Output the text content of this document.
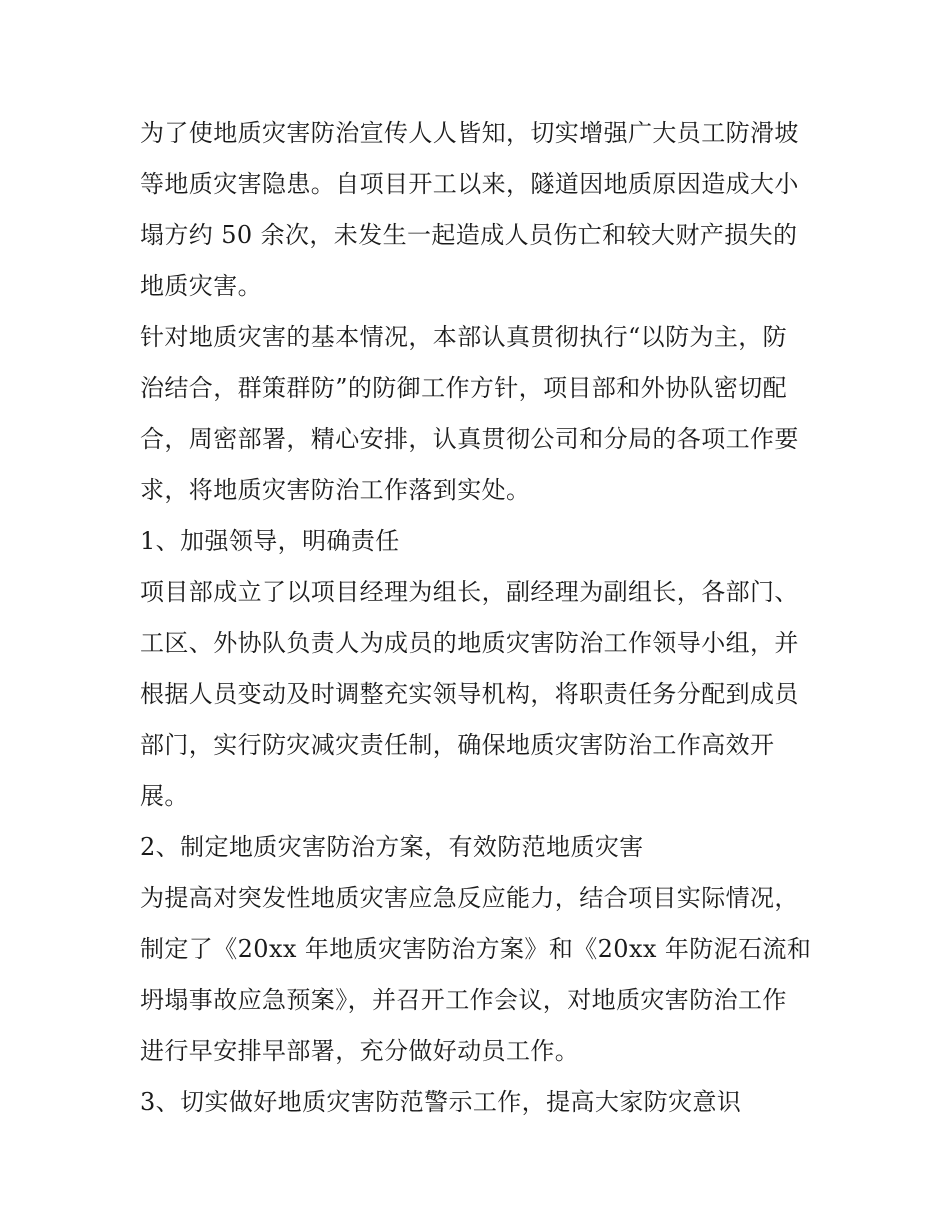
为了使地质灾害防治宣传人人皆知，切实增强广大员工防滑坡
等地质灾害隐患。自项目开工以来，隧道因地质原因造成大小
塌方约 50 余次，未发生一起造成人员伤亡和较大财产损失的
地质灾害。

针对地质灾害的基本情况，本部认真贯彻执行“以防为主，防
治结合，群策群防”的防御工作方针，项目部和外协队密切配
合，周密部署，精心安排，认真贯彻公司和分局的各项工作要
求，将地质灾害防治工作落到实处。

1、加强领导，明确责任

项目部成立了以项目经理为组长，副经理为副组长，各部门、
工区、外协队负责人为成员的地质灾害防治工作领导小组，并
根据人员变动及时调整充实领导机构，将职责任务分配到成员
部门，实行防灾减灾责任制，确保地质灾害防治工作高效开
展。

2、制定地质灾害防治方案，有效防范地质灾害

为提高对突发性地质灾害应急反应能力，结合项目实际情况，
制定了《20xx 年地质灾害防治方案》和《20xx 年防泥石流和
坍塌事故应急预案》，并召开工作会议，对地质灾害防治工作
进行早安排早部署，充分做好动员工作。

3、切实做好地质灾害防范警示工作，提高大家防灾意识
